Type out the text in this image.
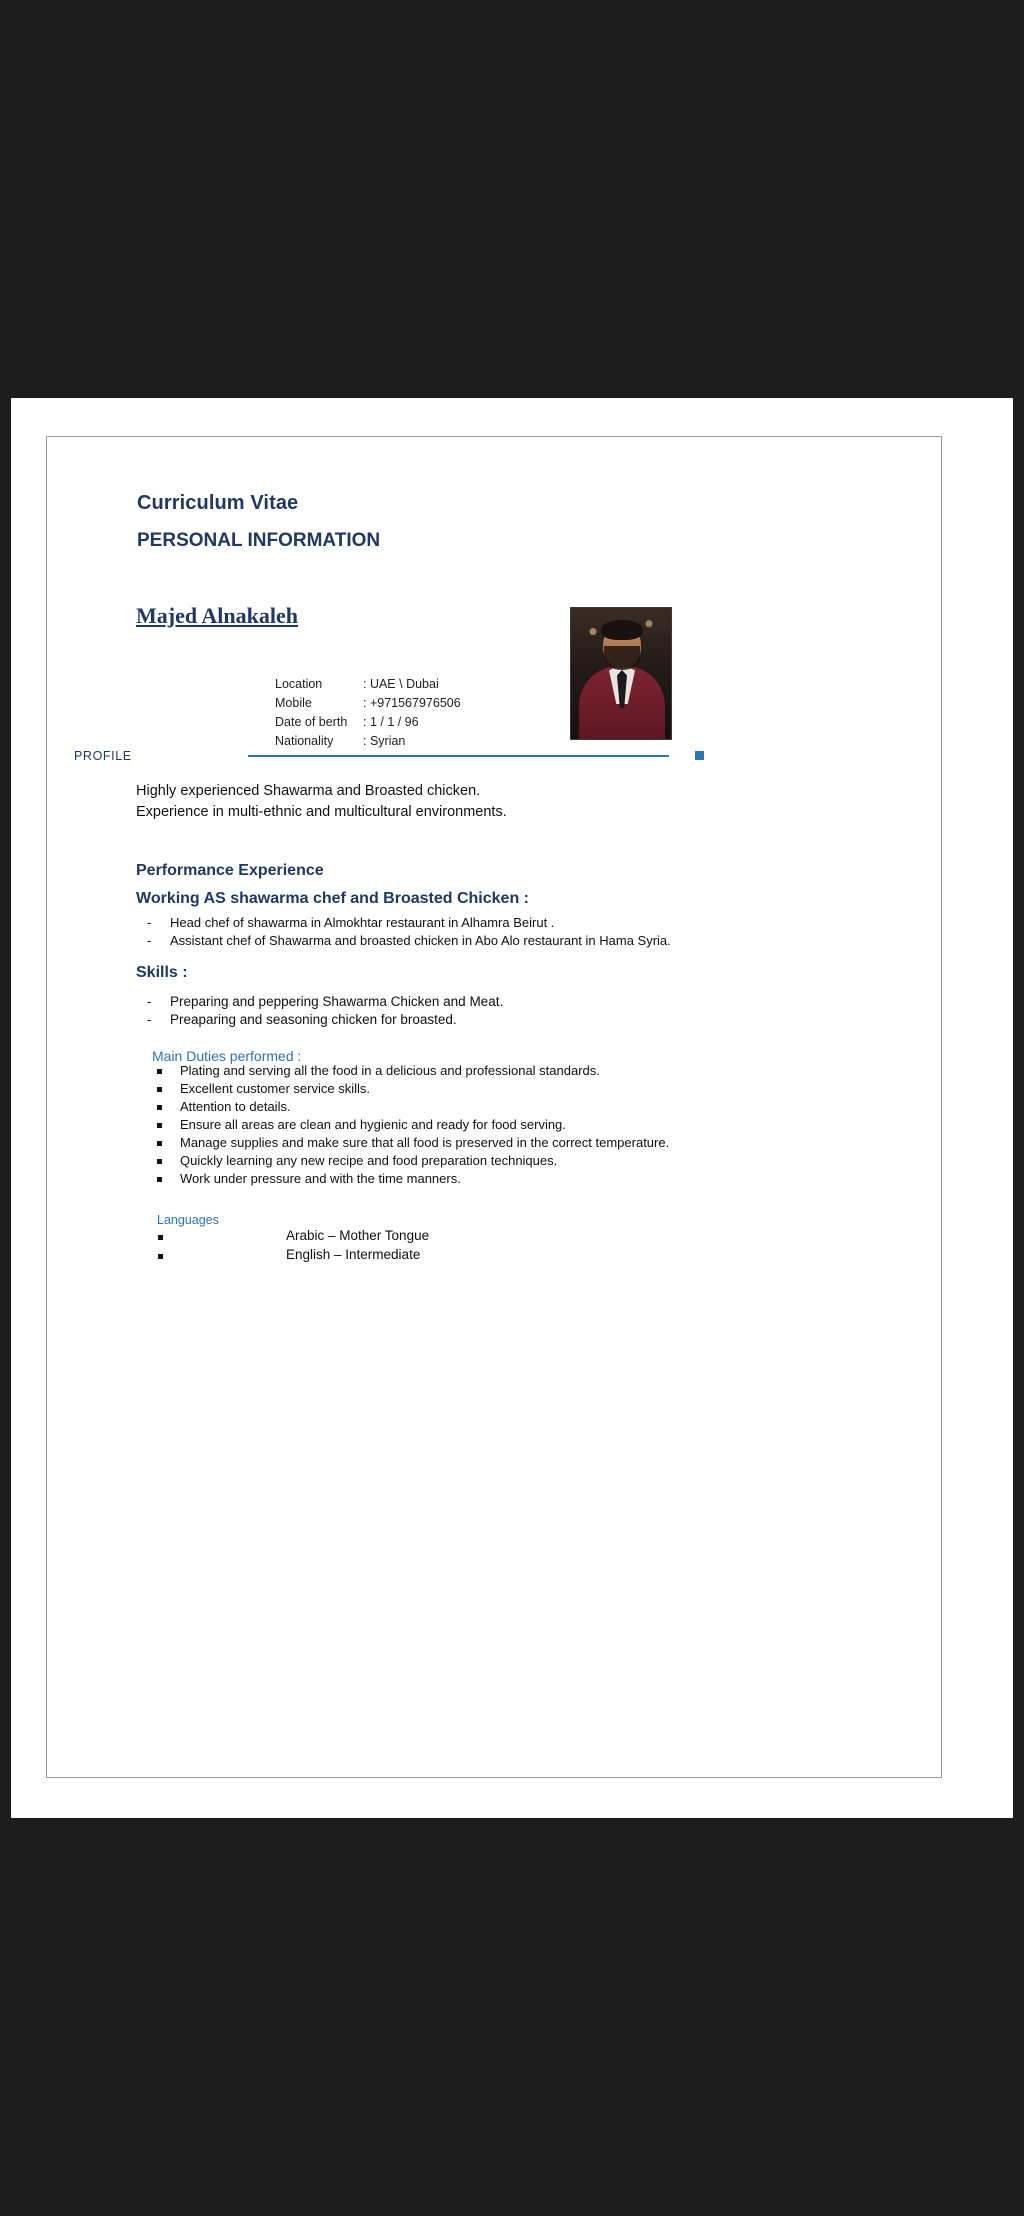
Curriculum Vitae
PERSONAL INFORMATION
Majed Alnakaleh
Location	: UAE \ Dubai
Mobile	: +971567976506
Date of berth : 1 / 1 / 96
Nationality : Syrian
PROFILE
Highly experienced Shawarma and Broasted chicken.
Experience in multi-ethnic and multicultural environments.
Performance Experience
Working AS shawarma chef and Broasted Chicken :
- Head chef of shawarma in Almokhtar restaurant in Alhamra Beirut .
- Assistant chef of Shawarma and broasted chicken in Abo Alo restaurant in Hama Syria.
Skills :
- Preparing and peppering Shawarma Chicken and Meat.
- Preaparing and seasoning chicken for broasted.
Main Duties performed :
Plating and serving all the food in a delicious and professional standards.
Excellent customer service skills.
Attention to details.
Ensure all areas are clean and hygienic and ready for food serving.
Manage supplies and make sure that all food is preserved in the correct temperature.
Quickly learning any new recipe and food preparation techniques.
Work under pressure and with the time manners.
Languages
Arabic – Mother Tongue
English – Intermediate
